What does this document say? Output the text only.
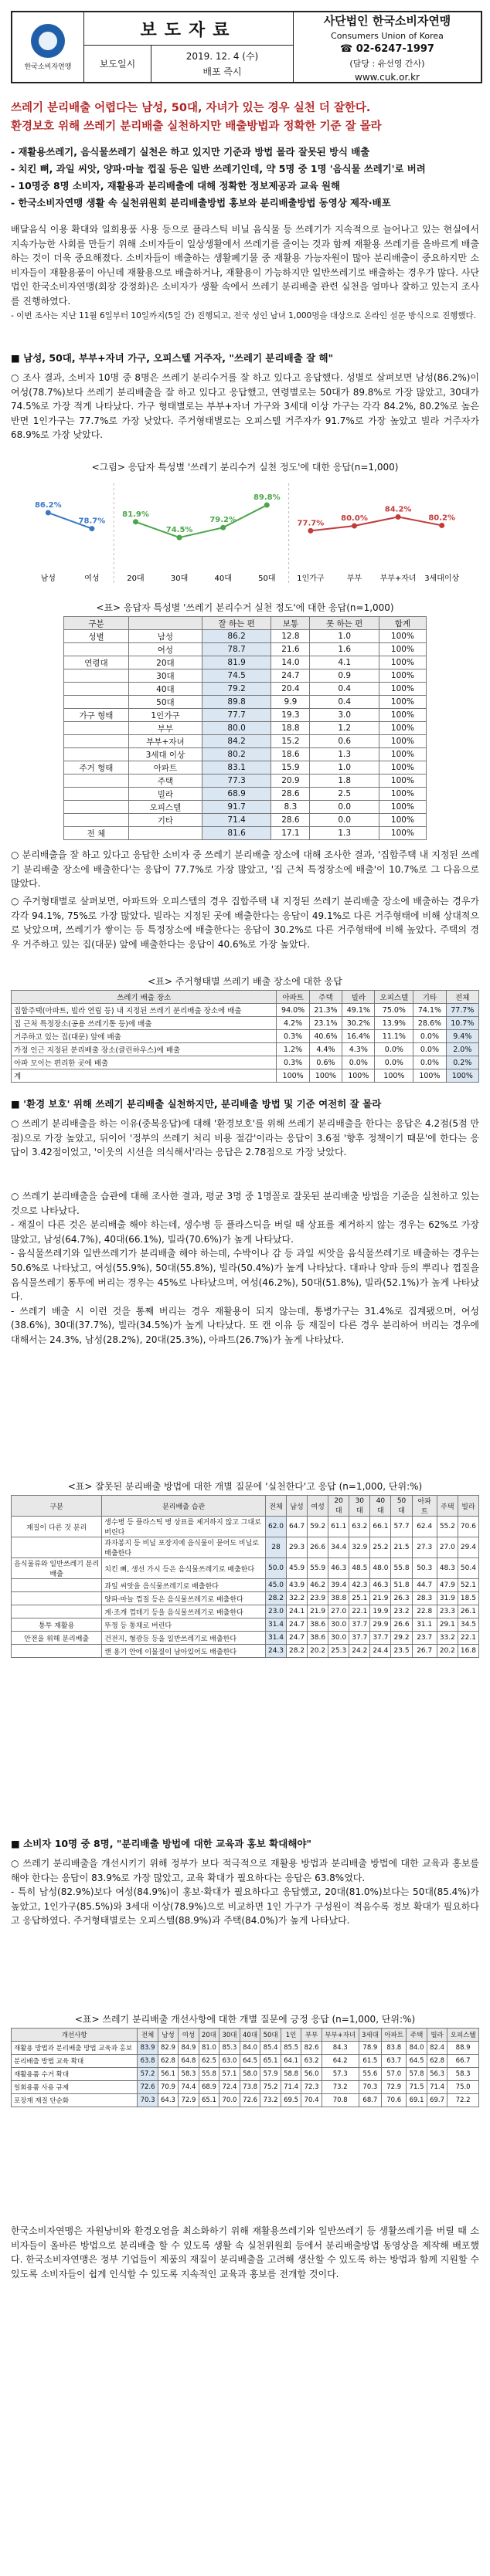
한국소비자연맹
보도자료
보도일시
2019. 12. 4 (수)
배포 즉시
사단법인 한국소비자연맹
Consumers Union of Korea
☎ 02-6247-1997
(담당 : 유선영 간사)
www.cuk.or.kr
쓰레기 분리배출 어렵다는 남성, 50대, 자녀가 있는 경우 실천 더 잘한다.
환경보호 위해 쓰레기 분리배출 실천하지만 배출방법과 정확한 기준 잘 몰라
- 재활용쓰레기, 음식물쓰레기 실천은 하고 있지만 기준과 방법 몰라 잘못된 방식 배출
- 치킨 뼈, 과일 씨앗, 양파·마늘 껍질 등은 일반 쓰레기인데, 약 5명 중 1명 '음식물 쓰레기'로 버려
- 10명중 8명 소비자, 재활용과 분리배출에 대해 정확한 정보제공과 교육 원해
- 한국소비자연맹 생활 속 실천위원회 분리배출방법 홍보와 분리배출방법 동영상 제작·배포
배달음식 이용 확대와 일회용품 사용 등으로 플라스틱 비닐 음식물 등 쓰레기가 지속적으로 늘어나고 있는 현실에서 지속가능한 사회를 만들기 위해 소비자들이 일상생활에서 쓰레기를 줄이는 것과 함께 재활용 쓰레기를 올바르게 배출하는 것이 더욱 중요해졌다. 소비자들이 배출하는 생활폐기물 중 재활용 가능자원이 많아 분리배출이 중요하지만 소비자들이 재활용품이 아닌데 재활용으로 배출하거나, 재활용이 가능하지만 일반쓰레기로 배출하는 경우가 많다. 사단법인 한국소비자연맹(회장 강정화)은 소비자가 생활 속에서 쓰레기 분리배출 관련 실천을 얼마나 잘하고 있는지 조사를 진행하였다.
- 이번 조사는 지난 11월 6일부터 10일까지(5일 간) 진행되고, 전국 성인 남녀 1,000명을 대상으로 온라인 설문 방식으로 진행했다.
■ 남성, 50대, 부부+자녀 가구, 오피스텔 거주자, "쓰레기 분리배출 잘 해"
○ 조사 결과, 소비자 10명 중 8명은 쓰레기 분리수거를 잘 하고 있다고 응답했다. 성별로 살펴보면 남성(86.2%)이 여성(78.7%)보다 쓰레기 분리배출을 잘 하고 있다고 응답했고, 연령별로는 50대가 89.8%로 가장 많았고, 30대가 74.5%로 가장 적게 나타났다. 가구 형태별로는 부부+자녀 가구와 3세대 이상 가구는 각각 84.2%, 80.2%로 높은 반면 1인가구는 77.7%로 가장 낮았다. 주거형태별로는 오피스텔 거주자가 91.7%로 가장 높았고 빌라 거주자가 68.9%로 가장 낮았다.
<그림> 응답자 특성별 '쓰레기 분리수거 실천 정도'에 대한 응답(n=1,000)
86.2%
78.7%
81.9%
74.5%
79.2%
89.8%
77.7%
80.0%
84.2%
80.2%
남성	여성	20대	30대	40대	50대	1인가구	부부 부부+자녀 3세대이상
<표> 응답자 특성별 '쓰레기 분리수거 실천 정도'에 대한 응답(n=1,000)
구분		잘 하는 편	보통	못 하는 편	합계
성별	남성	86.2	12.8	1.0	100%
	여성	78.7	21.6	1.6	100%
연령대	20대	81.9	14.0	4.1	100%
	30대	74.5	24.7	0.9	100%
	40대	79.2	20.4	0.4	100%
	50대	89.8	9.9	0.4	100%
가구 형태	1인가구	77.7	19.3	3.0	100%
	부부	80.0	18.8	1.2	100%
	부부+자녀	84.2	15.2	0.6	100%
	3세대 이상	80.2	18.6	1.3	100%
주거 형태	아파트	83.1	15.9	1.0	100%
	주택	77.3	20.9	1.8	100%
	빌라	68.9	28.6	2.5	100%
	오피스텔	91.7	8.3	0.0	100%
	기타	71.4	28.6	0.0	100%
전 체		81.6	17.1	1.3	100%
○ 분리배출을 잘 하고 있다고 응답한 소비자 중 쓰레기 분리배출 장소에 대해 조사한 결과, '집합주택 내 지정된 쓰레기 분리배출 장소에 배출한다'는 응답이 77.7%로 가장 많았고, '집 근처 특정장소에 배출'이 10.7%로 그 다음으로 많았다.
○ 주거형태별로 살펴보면, 아파트와 오피스텔의 경우 집합주택 내 지정된 쓰레기 분리배출 장소에 배출하는 경우가 각각 94.1%, 75%로 가장 많았다. 빌라는 지정된 곳에 배출한다는 응답이 49.1%로 다른 거주형태에 비해 상대적으로 낮았으며, 쓰레기가 쌓이는 등 특정장소에 배출한다는 응답이 30.2%로 다른 거주형태에 비해 높았다. 주택의 경우 거주하고 있는 집(대문) 앞에 배출한다는 응답이 40.6%로 가장 높았다.
<표> 주거형태별 쓰레기 배출 장소에 대한 응답
쓰레기 배출 장소	아파트	주택	빌라	오피스텔	기타	전체
집합주택(아파트, 빌라 연립 등) 내 지정된 쓰레기 분리배출 장소에 배출	94.0%	21.3%	49.1%	75.0%	74.1%	77.7%
집 근처 특정장소(공용 쓰레기통 등)에 배출	4.2%	23.1%	30.2%	13.9%	28.6%	10.7%
거주하고 있는 집(대문) 앞에 배출	0.3%	40.6%	16.4%	11.1%	0.0%	9.4%
가정 인근 지정된 분리배출 장소(클린하우스)에 배출	1.2%	4.4%	4.3%	0.0%	0.0%	2.0%
아파 모이는 편리한 곳에 배출	0.3%	0.6%	0.0%	0.0%	0.0%	0.2%
계	100%	100%	100%	100%	100%	100%
■ '환경 보호' 위해 쓰레기 분리배출 실천하지만, 분리배출 방법 및 기준 여전히 잘 몰라
○ 쓰레기 분리배출을 하는 이유(중복응답)에 대해 '환경보호'를 위해 쓰레기 분리배출을 한다는 응답은 4.2점(5점 만점)으로 가장 높았고, 뒤이어 '정부의 쓰레기 처리 비용 절감'이라는 응답이 3.6점 '향후 정책이기 때문'에 한다는 응답이 3.42점이었고, '이웃의 시선을 의식해서'라는 응답은 2.78점으로 가장 낮았다.
○ 쓰레기 분리배출을 습관에 대해 조사한 결과, 평균 3명 중 1명꼴로 잘못된 분리배출 방법을 기준을 실천하고 있는 것으로 나타났다.
- 재질이 다른 것은 분리배출 해야 하는데, 생수병 등 플라스틱을 버릴 때 상표를 제거하지 않는 경우는 62%로 가장 많았고, 남성(64.7%), 40대(66.1%), 빌라(70.6%)가 높게 나타났다.
- 음식물쓰레기와 일반쓰레기가 분리배출 해야 하는데, 수박이나 감 등 과일 씨앗을 음식물쓰레기로 배출하는 경우는 50.6%로 나타났고, 여성(55.9%), 50대(55.8%), 빌라(50.4%)가 높게 나타났다. 대파나 양파 등의 뿌리나 껍질을 음식물쓰레기 통투에 버리는 경우는 45%로 나타났으며, 여성(46.2%), 50대(51.8%), 빌라(52.1%)가 높게 나타났다.
- 쓰레기 배출 시 이런 것을 통째 버리는 경우 재활용이 되지 않는데, 통병가구는 31.4%로 집계됐으며, 여성(38.6%), 30대(37.7%), 빌라(34.5%)가 높게 나타났다. 또 캔 이유 등 재질이 다른 경우 분리하여 버리는 경우에 대해서는 24.3%, 남성(28.2%), 20대(25.3%), 아파트(26.7%)가 높게 나타났다.
<표> 잘못된 분리배출 방법에 대한 개별 질문에 '실천한다'고 응답 (n=1,000, 단위:%)
구분	분리배출 습관	전체	남성	여성	20대	30대	40대	50대	아파트	주택	빌라
재질이 다른 것 분리	생수병 등 플라스틱 병 상표를 제거하지 않고 그대로 버린다	62.0	64.7	59.2	61.1	63.2	66.1	57.7	62.4	55.2	70.6
	과자봉지 등 비닐 포장지에 음식물이 묻어도 비닐로 배출한다	28	29.3	26.6	34.4	32.9	25.2	21.5	27.3	27.0	29.4
음식물류와 일반쓰레기 분리배출	치킨 뼈, 생선 가시 등은 음식물쓰레기로 배출한다	50.0	45.9	55.9	46.3	48.5	48.0	55.8	50.3	48.3	50.4
	과일 씨앗을 음식물쓰레기로 배출한다	45.0	43.9	46.2	39.4	42.3	46.3	51.8	44.7	47.9	52.1
	양파·마늘 껍질 등은 음식물쓰레기로 배출한다	28.2	32.2	23.9	38.8	25.1	21.9	26.3	28.3	31.9	18.5
	게·조개 껍데기 등을 음식물쓰레기로 배출한다	23.0	24.1	21.9	27.0	22.1	19.9	23.2	22.8	23.3	26.1
통투 재활용	뚜껑 등 통채로 버린다	31.4	24.7	38.6	30.0	37.7	29.9	26.6	31.1	29.1	34.5
안전을 위해 분리배출	건전지, 형광등 등을 일반쓰레기로 배출한다	31.4	24.7	38.6	30.0	37.7	37.7	29.2	23.7	33.2	22.1
	캔 용기 안에 이물질이 남아있어도 배출한다	24.3	28.2	20.2	25.3	24.2	24.4	23.5	26.7	20.2	16.8
■ 소비자 10명 중 8명, "분리배출 방법에 대한 교육과 홍보 확대해야"
○ 쓰레기 분리배출을 개선시키기 위해 정부가 보다 적극적으로 재활용 방법과 분리배출 방법에 대한 교육과 홍보를 해야 한다는 응답이 83.9%로 가장 많았고, 교육 확대가 필요하다는 응답은 63.8%였다.
- 특히 남성(82.9%)보다 여성(84.9%)이 홍보·확대가 필요하다고 응답했고, 20대(81.0%)보다는 50대(85.4%)가 높았고, 1인가구(85.5%)와 3세대 이상(78.9%)으로 비교하면 1인 가구가 구성원이 적음수록 정보 확대가 필요하다고 응답하였다. 주거형태별로는 오피스텔(88.9%)과 주택(84.0%)가 높게 나타났다.
<표> 쓰레기 분리배출 개선사항에 대한 개별 질문에 긍정 응답 (n=1,000, 단위:%)
개선사항	전체	남성	여성	20대	30대	40대	50대	1인	부부	부부+자녀	3세대	아파트	주택	빌라	오피스텔
재활용 방법과 분리배출 방법 교육과 홍보	83.9	82.9	84.9	81.0	85.3	84.0	85.4	85.5	82.6	84.3	78.9	83.8	84.0	82.4	88.9
분리배출 방법 교육 확대	63.8	62.8	64.8	62.5	63.0	64.5	65.1	64.1	63.2	64.2	61.5	63.7	64.5	62.8	66.7
재활용품 수거 확대	57.2	56.1	58.3	55.8	57.1	58.0	57.9	58.8	56.0	57.3	55.6	57.0	57.8	56.3	58.3
일회용품 사용 규제	72.6	70.9	74.4	68.9	72.4	73.8	75.2	71.4	72.3	73.2	70.3	72.9	71.5	71.4	75.0
포장재 재질 단순화	70.3	64.3	72.9	65.1	70.0	72.6	73.2	69.5	70.4	70.8	68.7	70.6	69.1	69.7	72.2
한국소비자연맹은 자원낭비와 환경오염을 최소화하기 위해 재활용쓰레기와 일반쓰레기 등 생활쓰레기를 버릴 때 소비자들이 올바른 방법으로 분리배출 할 수 있도록 생활 속 실천위원회 등에서 분리배출방법 동영상을 제작해 배포했다. 한국소비자연맹은 정부 기업들이 제품의 재질이 분리배출을 고려해 생산할 수 있도록 하는 방법과 함께 지원할 수 있도록 소비자들이 쉽게 인식할 수 있도록 지속적인 교육과 홍보를 전개할 것이다.
